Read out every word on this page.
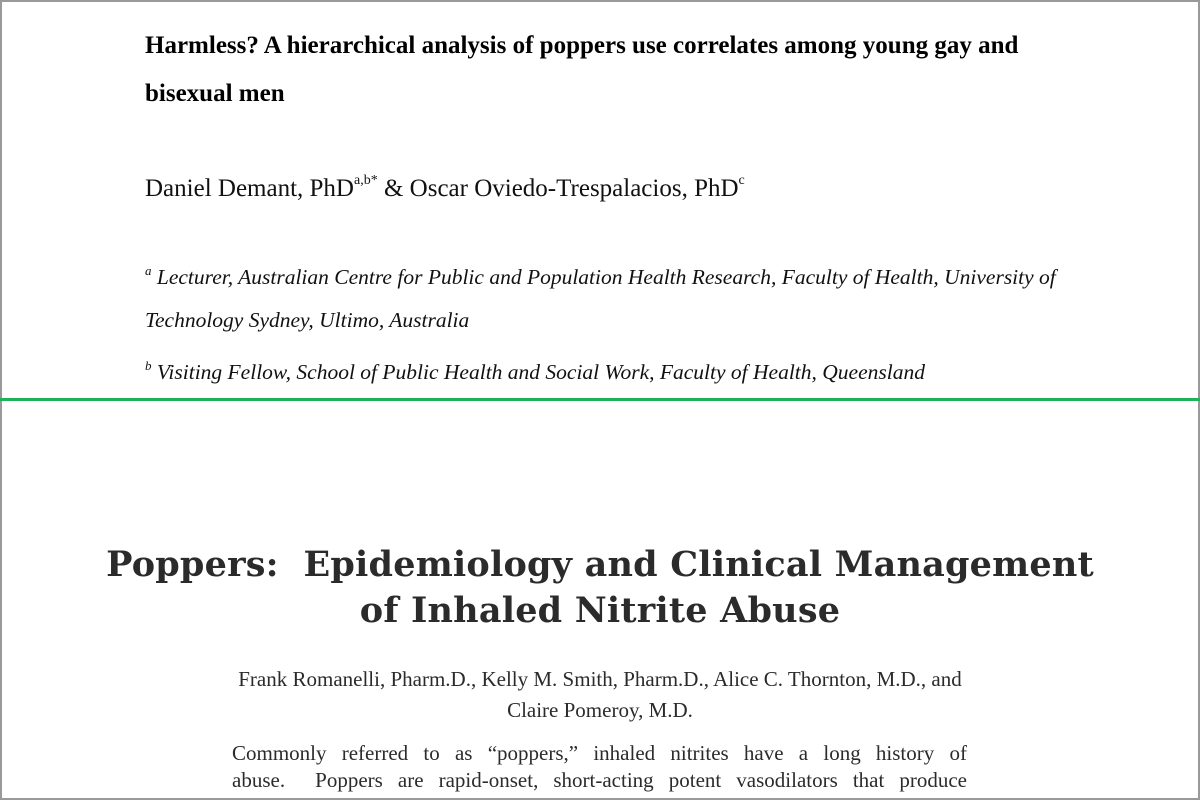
Harmless? A hierarchical analysis of poppers use correlates among young gay and bisexual men
Daniel Demant, PhD$^{a,b*}$ & Oscar Oviedo-Trespalacios, PhD$^c$

$^a$ Lecturer, Australian Centre for Public and Population Health Research, Faculty of Health, University of Technology Sydney, Ultimo, Australia

$^b$ Visiting Fellow, School of Public Health and Social Work, Faculty of Health, Queensland

Poppers:  Epidemiology and Clinical Management
of Inhaled Nitrite Abuse
Frank Romanelli, Pharm.D., Kelly M. Smith, Pharm.D., Alice C. Thornton, M.D., and
Claire Pomeroy, M.D.
Commonly referred to as “poppers,” inhaled nitrites have a long history of
abuse.  Poppers are rapid-onset, short-acting potent vasodilators that produce
